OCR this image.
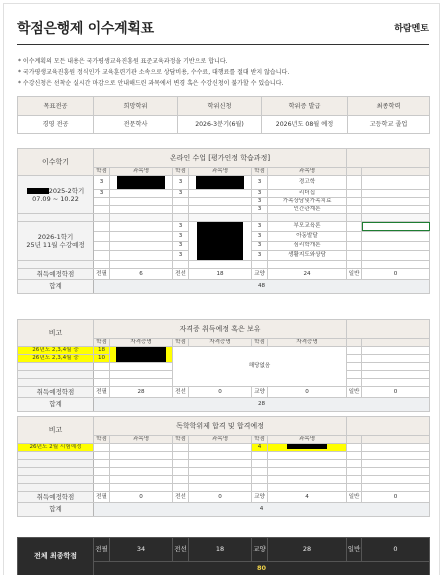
학점은행제 이수계획표	하람멘토
* 이수계획의 모든 내용은 국가평생교육진흥원 표준교육과정을 기반으로 합니다.
* 국가평생교육진흥원 정식인가 교육훈련기관 소속으로 상담비용, 수수료, 대행료를 절대 받지 않습니다.
* 수강신청은 선착순 실시간 마감으로 안내해드린 과목에서 변경 혹은 수강신청이 불가할 수 있습니다.
목표전공	희망학위	학위신청	학위증 발급	최종학력
경영 전공	전문학사	2026-3분기(6월)	2026년도 08월 예정	고등학교 졸업
이수학기	온라인 수업 [평가인정 학습과정]							
	학점	과목명	학점	과목명	학점	과목명		

2025-2학기
07.09 ~ 10.22	3		3		3	경고학		
	3		3		3	리더십		
					3	가족상담및가족치료		
					3	인간관계론		

2026-1학기
25년 11월 수강예정			3		3	부모교육론		
			3		3	아동발달		
			3		3	심리학개론		
			3		3	생활지도와상담		

취득예정학점	전필	6	전선	18	교양	24	일반	0
합계	48							
비고	자격증 취득예정 혹은 보유							
	학점	자격증명	학점	자격증명	학점	자격증명		
26년도 2,3,4월 중	18		해당없음					
26년도 2,3,4월 중	10							

취득예정학점	전필	28	전선	0	교양	0	일반	0
합계	28							
비고	독학학위제 합격 및 합격예정							
	학점	과목명	학점	과목명	학점	과목명		
26년도 2월 시험예정					4			

취득예정학점	전필	0	전선	0	교양	4	일반	0
합계	4							
전체 최종학점	전필	34	전선	18	교양	28	일반	0
80
